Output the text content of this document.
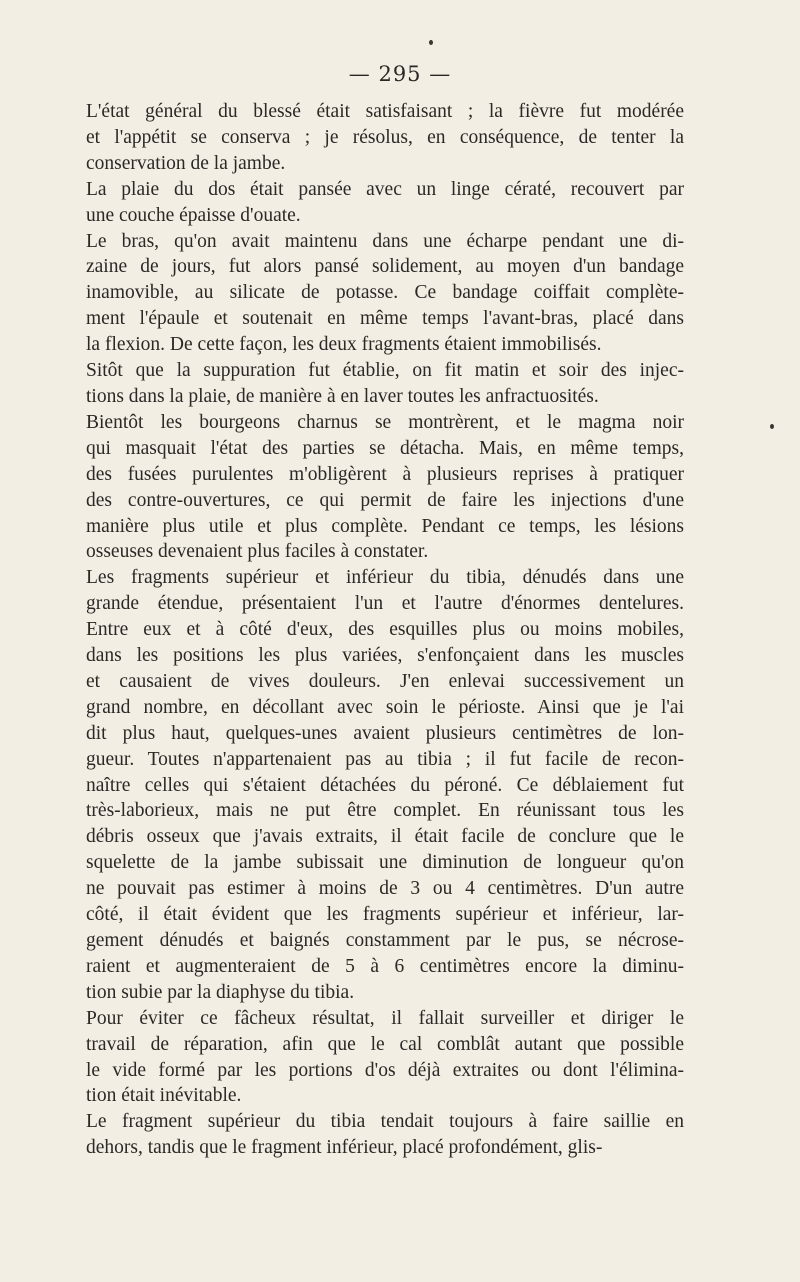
— 295 —

L'état général du blessé était satisfaisant ; la fièvre fut modérée
et l'appétit se conserva ; je résolus, en conséquence, de tenter la
conservation de la jambe.

La plaie du dos était pansée avec un linge cératé, recouvert par
une couche épaisse d'ouate.

Le bras, qu'on avait maintenu dans une écharpe pendant une di-
zaine de jours, fut alors pansé solidement, au moyen d'un bandage
inamovible, au silicate de potasse. Ce bandage coiffait complète-
ment l'épaule et soutenait en même temps l'avant-bras, placé dans
la flexion. De cette façon, les deux fragments étaient immobilisés.

Sitôt que la suppuration fut établie, on fit matin et soir des injec-
tions dans la plaie, de manière à en laver toutes les anfractuosités.

Bientôt les bourgeons charnus se montrèrent, et le magma noir
qui masquait l'état des parties se détacha. Mais, en même temps,
des fusées purulentes m'obligèrent à plusieurs reprises à pratiquer
des contre-ouvertures, ce qui permit de faire les injections d'une
manière plus utile et plus complète. Pendant ce temps, les lésions
osseuses devenaient plus faciles à constater.

Les fragments supérieur et inférieur du tibia, dénudés dans une
grande étendue, présentaient l'un et l'autre d'énormes dentelures.
Entre eux et à côté d'eux, des esquilles plus ou moins mobiles,
dans les positions les plus variées, s'enfonçaient dans les muscles
et causaient de vives douleurs. J'en enlevai successivement un
grand nombre, en décollant avec soin le périoste. Ainsi que je l'ai
dit plus haut, quelques-unes avaient plusieurs centimètres de lon-
gueur. Toutes n'appartenaient pas au tibia ; il fut facile de recon-
naître celles qui s'étaient détachées du péroné. Ce déblaiement fut
très-laborieux, mais ne put être complet. En réunissant tous les
débris osseux que j'avais extraits, il était facile de conclure que le
squelette de la jambe subissait une diminution de longueur qu'on
ne pouvait pas estimer à moins de 3 ou 4 centimètres. D'un autre
côté, il était évident que les fragments supérieur et inférieur, lar-
gement dénudés et baignés constamment par le pus, se nécrose-
raient et augmenteraient de 5 à 6 centimètres encore la diminu-
tion subie par la diaphyse du tibia.

Pour éviter ce fâcheux résultat, il fallait surveiller et diriger le
travail de réparation, afin que le cal comblât autant que possible
le vide formé par les portions d'os déjà extraites ou dont l'élimina-
tion était inévitable.

Le fragment supérieur du tibia tendait toujours à faire saillie en
dehors, tandis que le fragment inférieur, placé profondément, glis-
